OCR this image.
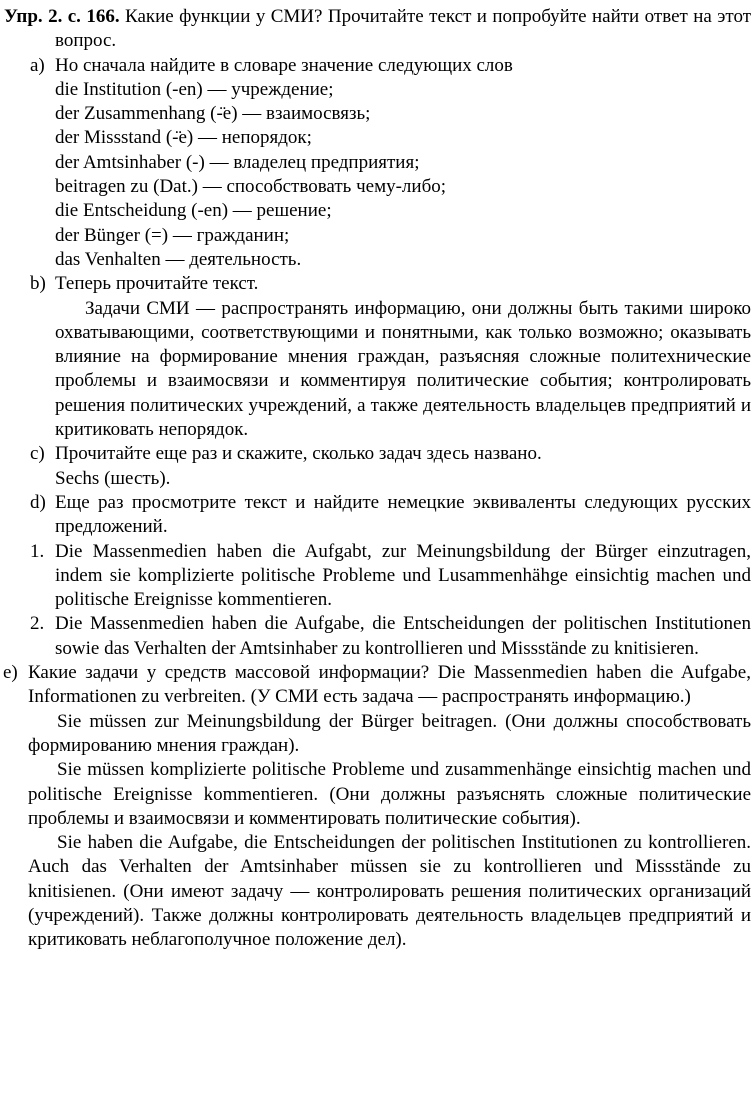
Упр. 2. с. 166. Какие функции у СМИ? Прочитайте текст и попробуйте найти ответ на этот вопрос.

a) Но сначала найдите в словаре значение следующих слов

die Institution (-en) — учреждение;

der Zusammenhang (-̈e) — взаимосвязь;

der Missstand (-̈e) — непорядок;

der Amtsinhaber (-) — владелец предприятия;

beitragen zu (Dat.) — способствовать чему-либо;

die Entscheidung (-en) — решение;

der Bünger (=) — гражданин;

das Venhalten — деятельность.

b) Теперь прочитайте текст.

Задачи СМИ — распространять информацию, они должны быть такими широко охватывающими, соответствующими и понятными, как только возможно; оказывать влияние на формирование мнения граждан, разъясняя сложные политехнические проблемы и взаимосвязи и комментируя политические события; контролировать решения политических учреждений, а также деятельность владельцев предприятий и критиковать непорядок.

c) Прочитайте еще раз и скажите, сколько задач здесь названо.

Sechs (шесть).

d) Еще раз просмотрите текст и найдите немецкие эквиваленты следующих русских предложений.

1. Die Massenmedien haben die Aufgabt, zur Meinungsbildung der Bürger einzutragen, indem sie komplizierte politische Probleme und Lusammenhähge einsichtig machen und politische Ereignisse kommentieren.

2. Die Massenmedien haben die Aufgabe, die Entscheidungen der politischen Institutionen sowie das Verhalten der Amtsinhaber zu kontrollieren und Missstände zu knitisieren.

e) Какие задачи у средств массовой информации? Die Massenmedien haben die Aufgabe, Informationen zu verbreiten. (У СМИ есть задача — распространять информацию.)

Sie müssen zur Meinungsbildung der Bürger beitragen. (Они должны способствовать формированию мнения граждан).

Sie müssen komplizierte politische Probleme und zusammenhänge einsichtig machen und politische Ereignisse kommentieren. (Они должны разъяснять сложные политические проблемы и взаимосвязи и комментировать политические события).

Sie haben die Aufgabe, die Entscheidungen der politischen Institutionen zu kontrollieren. Auch das Verhalten der Amtsinhaber müssen sie zu kontrollieren und Missstände zu knitisienen. (Они имеют задачу — контролировать решения политических организаций (учреждений). Также должны контролировать деятельность владельцев предприятий и критиковать неблагополучное положение дел).
